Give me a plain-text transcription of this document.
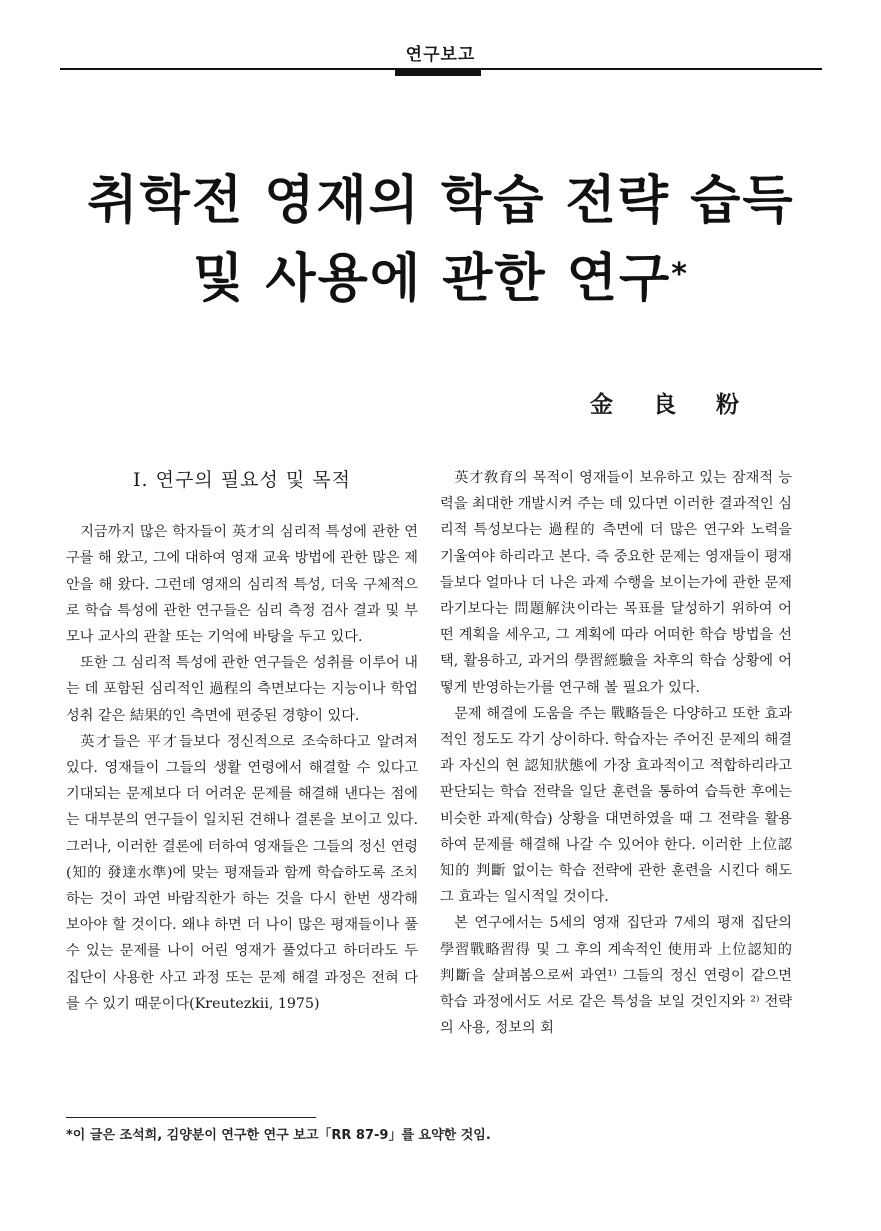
연구보고
취학전 영재의 학습 전략 습득
및 사용에 관한 연구*
金 良 粉
Ⅰ. 연구의 필요성 및 목적

지금까지 많은 학자들이 英才의 심리적 특성에 관한 연구를 해 왔고, 그에 대하여 영재 교육 방법에 관한 많은 제안을 해 왔다. 그런데 영재의 심리적 특성, 더욱 구체적으로 학습 특성에 관한 연구들은 심리 측정 검사 결과 및 부모나 교사의 관찰 또는 기억에 바탕을 두고 있다.

또한 그 심리적 특성에 관한 연구들은 성취를 이루어 내는 데 포함된 심리적인 過程의 측면보다는 지능이나 학업 성취 같은 結果的인 측면에 편중된 경향이 있다.

英才들은 平才들보다 정신적으로 조숙하다고 알려져 있다. 영재들이 그들의 생활 연령에서 해결할 수 있다고 기대되는 문제보다 더 어려운 문제를 해결해 낸다는 점에는 대부분의 연구들이 일치된 견해나 결론을 보이고 있다. 그러나, 이러한 결론에 터하여 영재들은 그들의 정신 연령(知的 發達水準)에 맞는 평재들과 함께 학습하도록 조치하는 것이 과연 바람직한가 하는 것을 다시 한번 생각해 보아야 할 것이다. 왜냐 하면 더 나이 많은 평재들이나 풀 수 있는 문제를 나이 어린 영재가 풀었다고 하더라도 두 집단이 사용한 사고 과정 또는 문제 해결 과정은 전혀 다를 수 있기 때문이다(Kreutezkii, 1975)

英才敎育의 목적이 영재들이 보유하고 있는 잠재적 능력을 최대한 개발시켜 주는 데 있다면 이러한 결과적인 심리적 특성보다는 過程的 측면에 더 많은 연구와 노력을 기울여야 하리라고 본다. 즉 중요한 문제는 영재들이 평재들보다 얼마나 더 나은 과제 수행을 보이는가에 관한 문제라기보다는 問題解決이라는 목표를 달성하기 위하여 어떤 계획을 세우고, 그 계획에 따라 어떠한 학습 방법을 선택, 활용하고, 과거의 學習經驗을 차후의 학습 상황에 어떻게 반영하는가를 연구해 볼 필요가 있다.

문제 해결에 도움을 주는 戰略들은 다양하고 또한 효과적인 정도도 각기 상이하다. 학습자는 주어진 문제의 해결과 자신의 현 認知狀態에 가장 효과적이고 적합하리라고 판단되는 학습 전략을 일단 훈련을 통하여 습득한 후에는 비슷한 과제(학습) 상황을 대면하였을 때 그 전략을 활용하여 문제를 해결해 나갈 수 있어야 한다. 이러한 上位認知的 判斷 없이는 학습 전략에 관한 훈련을 시킨다 해도 그 효과는 일시적일 것이다.

본 연구에서는 5세의 영재 집단과 7세의 평재 집단의 學習戰略習得 및 그 후의 계속적인 使用과 上位認知的 判斷을 살펴봄으로써 과연¹⁾ 그들의 정신 연령이 같으면 학습 과정에서도 서로 같은 특성을 보일 것인지와 ²⁾ 전략의 사용, 정보의 회

*이 글은 조석희, 김양분이 연구한 연구 보고「RR 87-9」를 요약한 것임.
